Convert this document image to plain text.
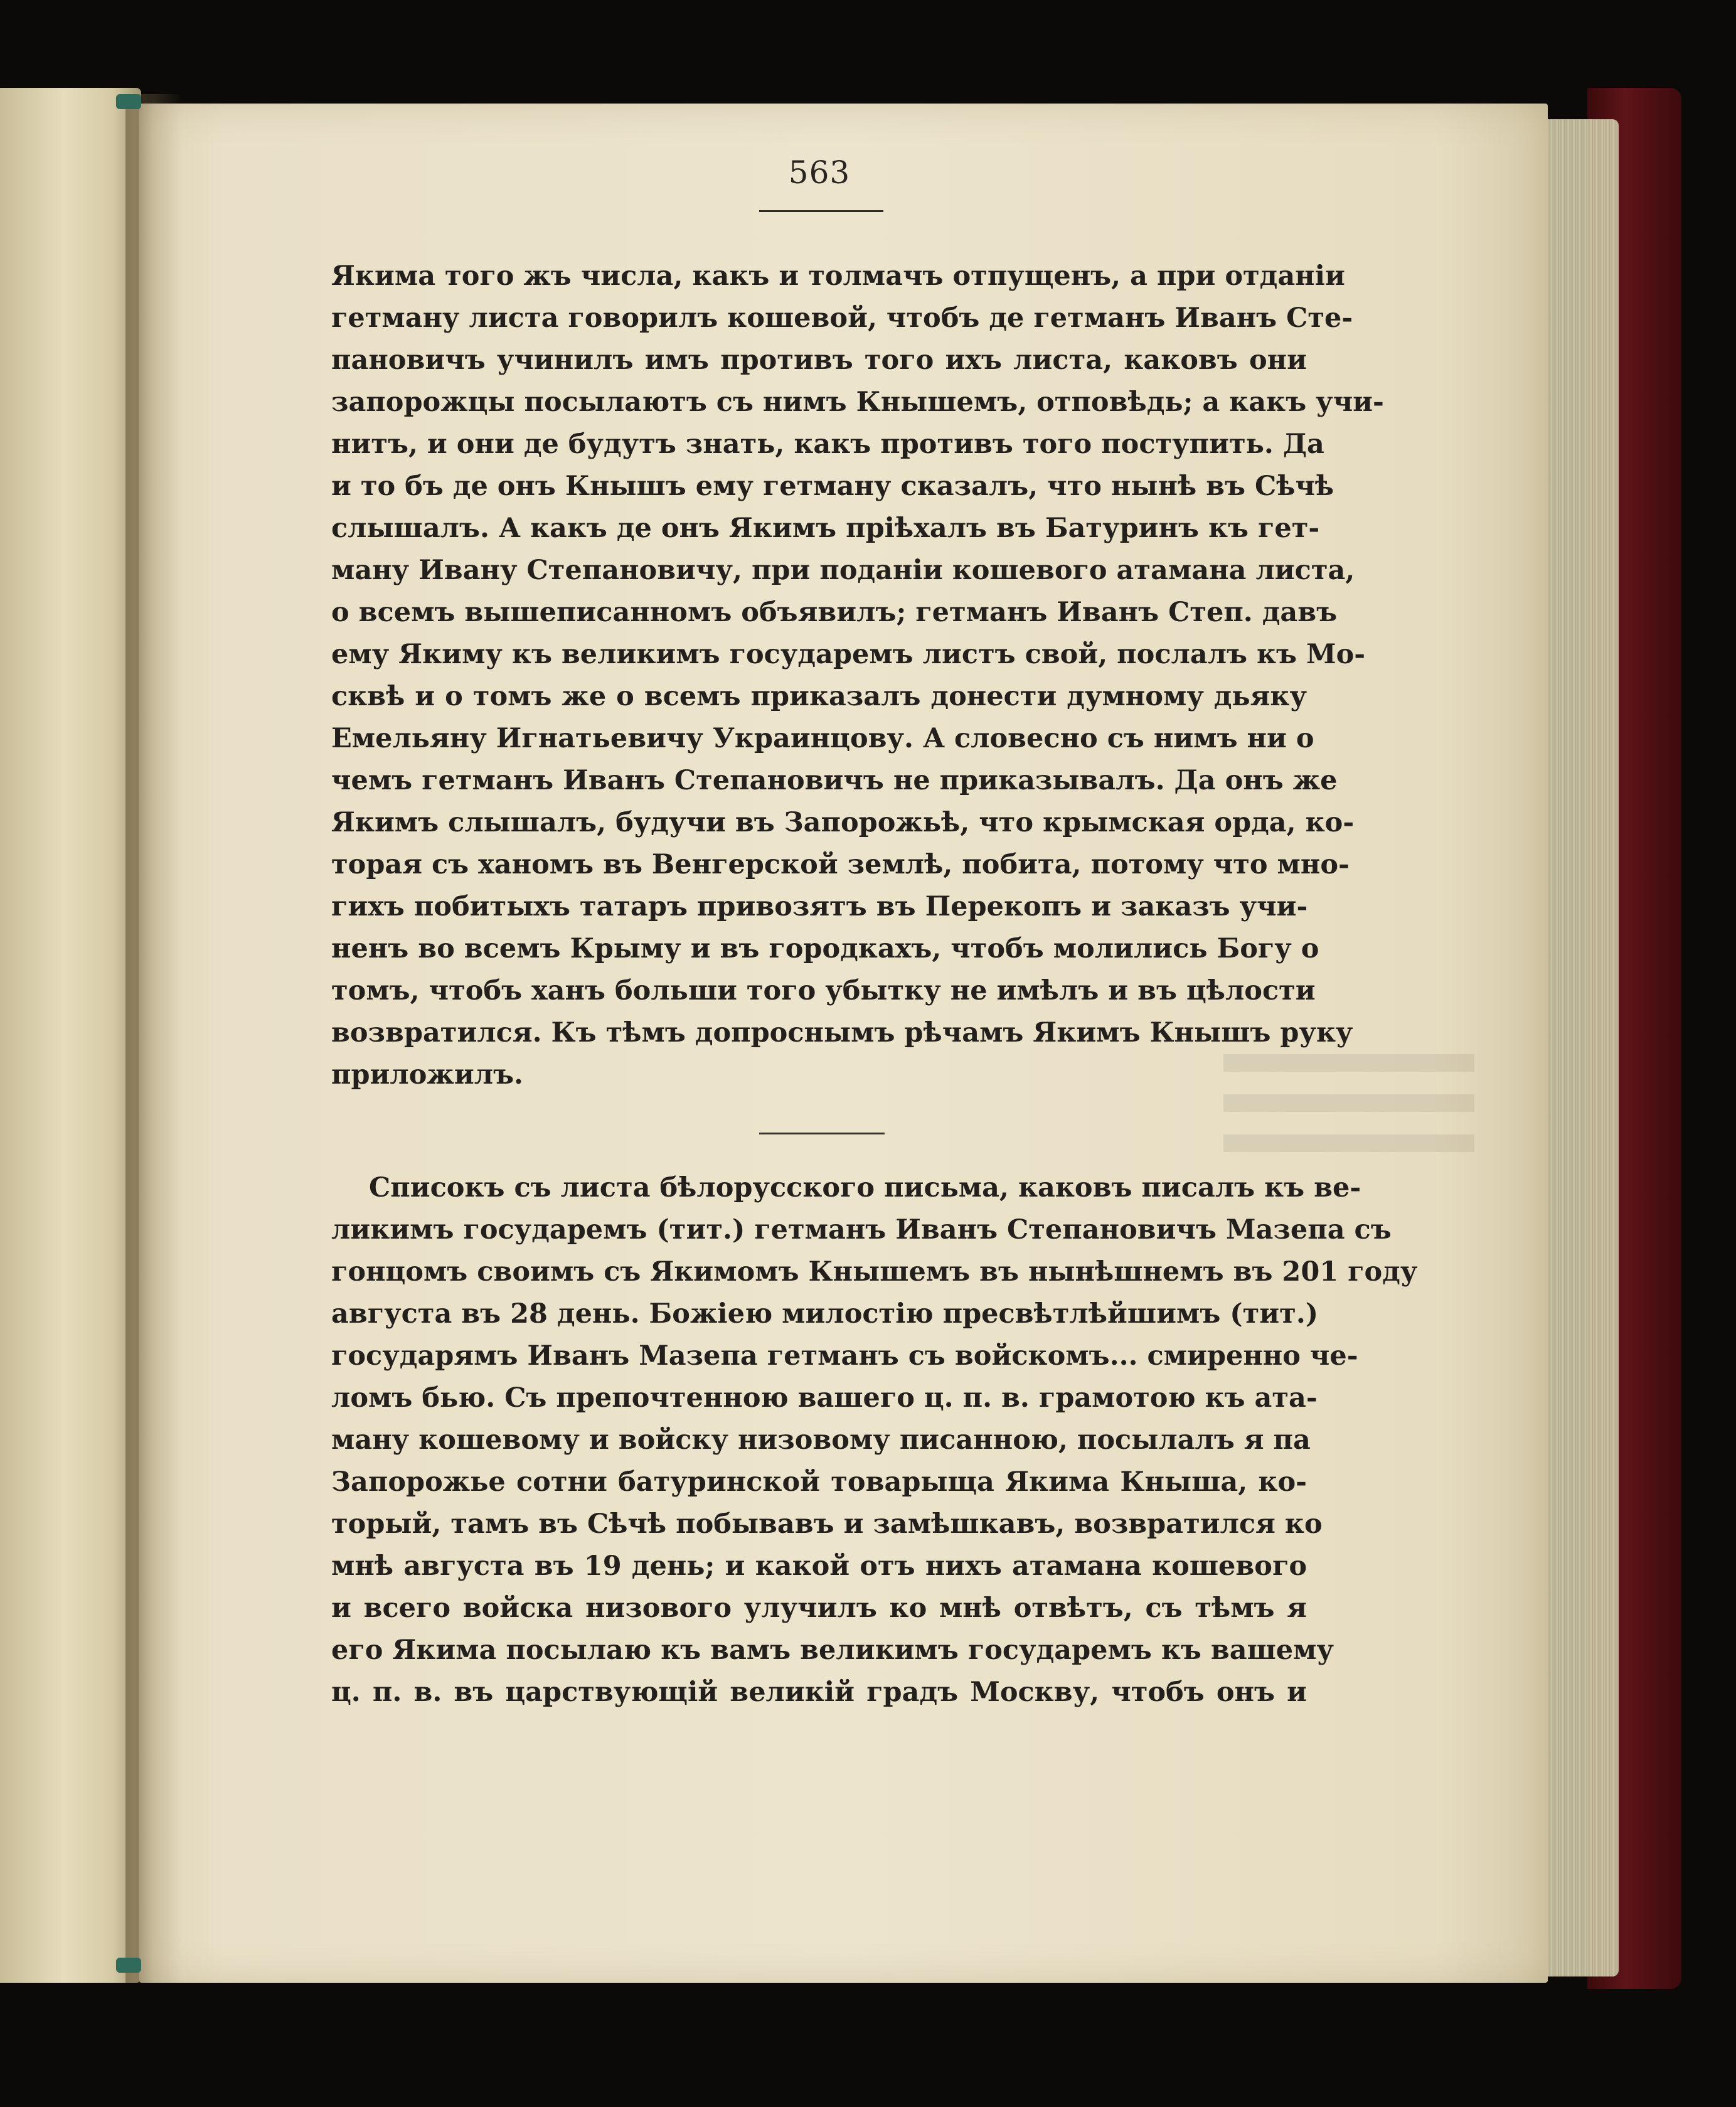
563
Якима того жъ числа, какъ и толмачъ отпущенъ, а при отданіи
гетману листа говорилъ кошевой, чтобъ де гетманъ Иванъ Сте-
пановичъ учинилъ имъ противъ того ихъ листа, каковъ они
запорожцы посылаютъ съ нимъ Кнышемъ, отповѣдь; а какъ учи-
нитъ, и они де будутъ знать, какъ противъ того поступить. Да
и то бъ де онъ Кнышъ ему гетману сказалъ, что нынѣ въ Сѣчѣ
слышалъ. А какъ де онъ Якимъ пріѣхалъ въ Батуринъ къ гет-
ману Ивану Степановичу, при поданіи кошевого атамана листа,
о всемъ вышеписанномъ объявилъ; гетманъ Иванъ Степ. давъ
ему Якиму къ великимъ государемъ листъ свой, послалъ къ Мо-
сквѣ и о томъ же о всемъ приказалъ донести думному дьяку
Емельяну Игнатьевичу Украинцову. А словесно съ нимъ ни о
чемъ гетманъ Иванъ Степановичъ не приказывалъ. Да онъ же
Якимъ слышалъ, будучи въ Запорожьѣ, что крымская орда, ко-
торая съ ханомъ въ Венгерской землѣ, побита, потому что мно-
гихъ побитыхъ татаръ привозятъ въ Перекопъ и заказъ учи-
ненъ во всемъ Крыму и въ городкахъ, чтобъ молились Богу о
томъ, чтобъ ханъ больши того убытку не имѣлъ и въ цѣлости
возвратился. Къ тѣмъ допроснымъ рѣчамъ Якимъ Кнышъ руку
приложилъ.
Списокъ съ листа бѣлорусского письма, каковъ писалъ къ ве-
ликимъ государемъ (тит.) гетманъ Иванъ Степановичъ Мазепа съ
гонцомъ своимъ съ Якимомъ Кнышемъ въ нынѣшнемъ въ 201 году
августа въ 28 день. Божіею милостію пресвѣтлѣйшимъ (тит.)
государямъ Иванъ Мазепа гетманъ съ войскомъ... смиренно че-
ломъ бью. Съ препочтенною вашего ц. п. в. грамотою къ ата-
ману кошевому и войску низовому писанною, посылалъ я па
Запорожье сотни батуринской товарыща Якима Кныша, ко-
торый, тамъ въ Сѣчѣ побывавъ и замѣшкавъ, возвратился ко
мнѣ августа въ 19 день; и какой отъ нихъ атамана кошевого
и всего войска низового улучилъ ко мнѣ отвѣтъ, съ тѣмъ я
его Якима посылаю къ вамъ великимъ государемъ къ вашему
ц. п. в. въ царствующій великій градъ Москву, чтобъ онъ и
